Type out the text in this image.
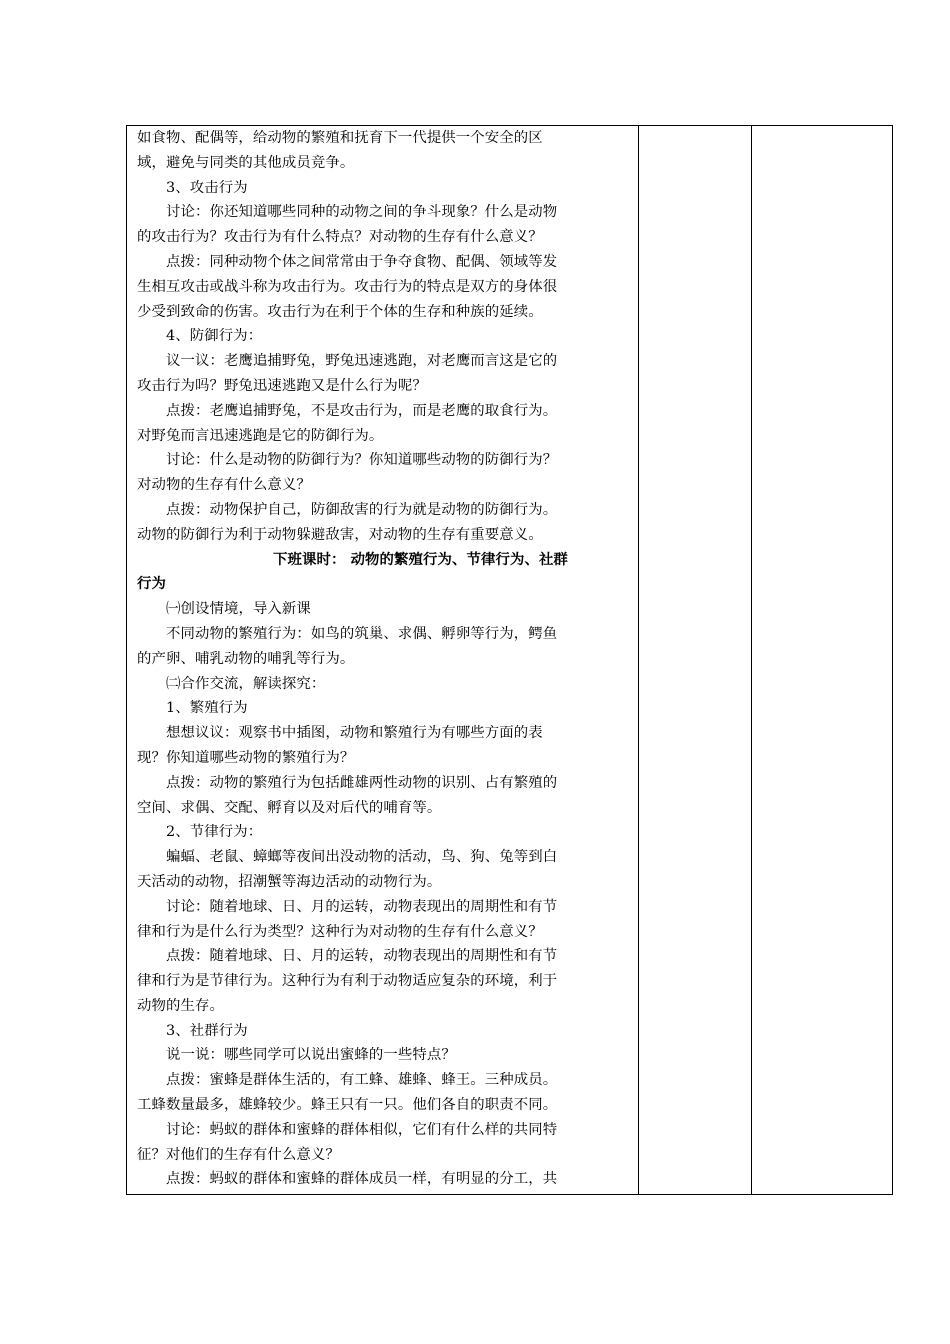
如食物、配偶等，给动物的繁殖和抚育下一代提供一个安全的区
域，避免与同类的其他成员竞争。
3、攻击行为
讨论：你还知道哪些同种的动物之间的争斗现象？什么是动物
的攻击行为？攻击行为有什么特点？对动物的生存有什么意义？
点拨：同种动物个体之间常常由于争夺食物、配偶、领域等发
生相互攻击或战斗称为攻击行为。攻击行为的特点是双方的身体很
少受到致命的伤害。攻击行为在利于个体的生存和种族的延续。
4、防御行为：
议一议：老鹰追捕野兔，野兔迅速逃跑，对老鹰而言这是它的
攻击行为吗？野兔迅速逃跑又是什么行为呢？
点拨：老鹰追捕野兔，不是攻击行为，而是老鹰的取食行为。
对野兔而言迅速逃跑是它的防御行为。
讨论：什么是动物的防御行为？你知道哪些动物的防御行为？
对动物的生存有什么意义？
点拨：动物保护自己，防御敌害的行为就是动物的防御行为。
动物的防御行为利于动物躲避敌害，对动物的生存有重要意义。
下班课时： 动物的繁殖行为、节律行为、社群
行为
㈠创设情境，导入新课
不同动物的繁殖行为：如鸟的筑巢、求偶、孵卵等行为，鳄鱼
的产卵、哺乳动物的哺乳等行为。
㈡合作交流，解读探究：
1、繁殖行为
想想议议：观察书中插图，动物和繁殖行为有哪些方面的表
现？你知道哪些动物的繁殖行为？
点拨：动物的繁殖行为包括雌雄两性动物的识别、占有繁殖的
空间、求偶、交配、孵育以及对后代的哺育等。
2、节律行为：
蝙蝠、老鼠、蟑螂等夜间出没动物的活动，鸟、狗、兔等到白
天活动的动物，招潮蟹等海边活动的动物行为。
讨论：随着地球、日、月的运转，动物表现出的周期性和有节
律和行为是什么行为类型？这种行为对动物的生存有什么意义？
点拨：随着地球、日、月的运转，动物表现出的周期性和有节
律和行为是节律行为。这种行为有利于动物适应复杂的环境，利于
动物的生存。
3、社群行为
说一说：哪些同学可以说出蜜蜂的一些特点？
点拨：蜜蜂是群体生活的，有工蜂、雄蜂、蜂王。三种成员。
工蜂数量最多，雄蜂较少。蜂王只有一只。他们各自的职责不同。
讨论：蚂蚁的群体和蜜蜂的群体相似，它们有什么样的共同特
征？对他们的生存有什么意义？
点拨：蚂蚁的群体和蜜蜂的群体成员一样，有明显的分工，共
